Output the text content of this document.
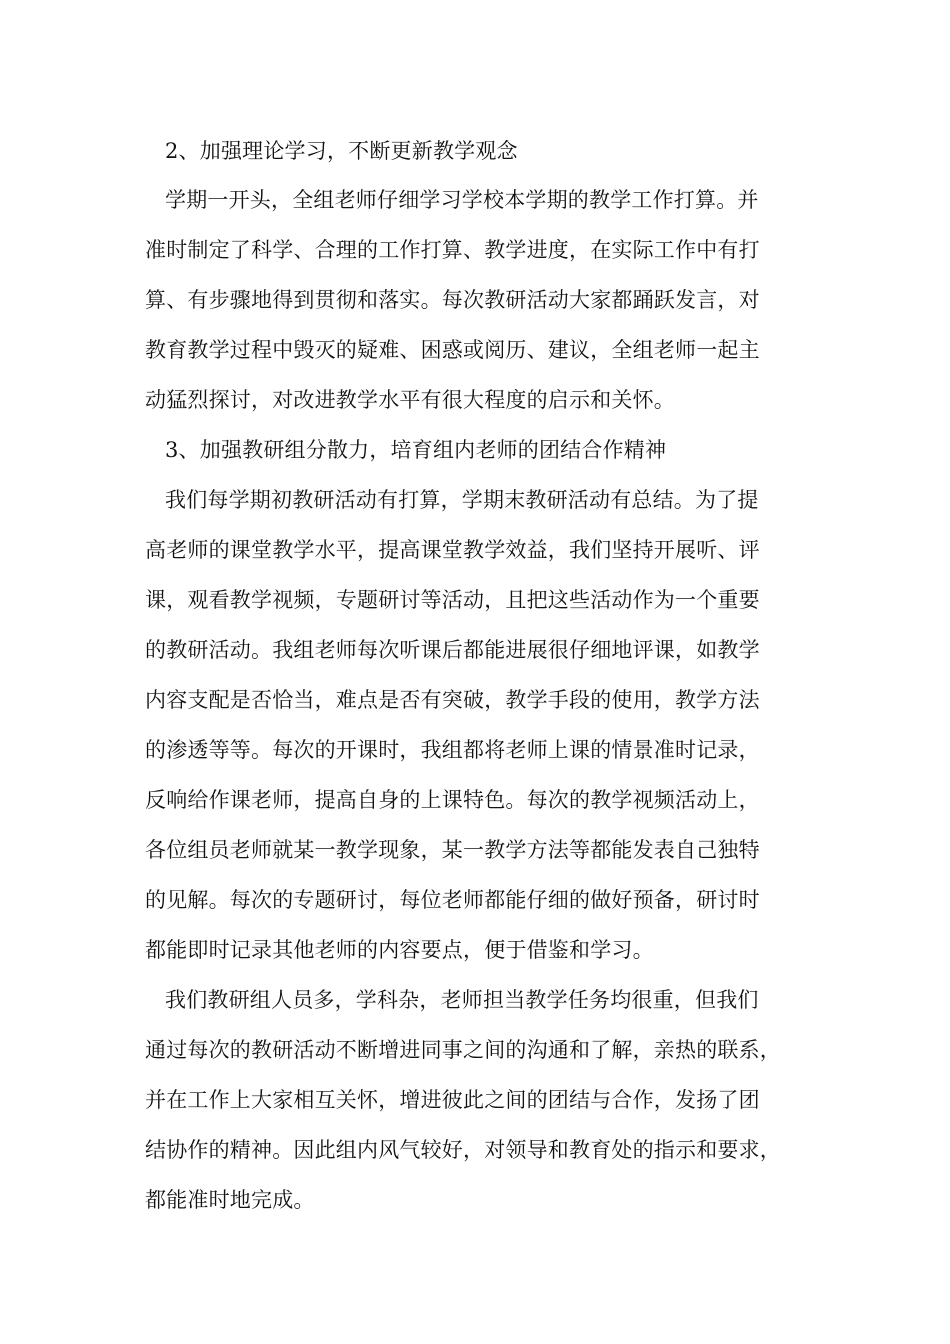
2、加强理论学习，不断更新教学观念
学期一开头，全组老师仔细学习学校本学期的教学工作打算。并
准时制定了科学、合理的工作打算、教学进度，在实际工作中有打
算、有步骤地得到贯彻和落实。每次教研活动大家都踊跃发言，对
教育教学过程中毁灭的疑难、困惑或阅历、建议，全组老师一起主
动猛烈探讨，对改进教学水平有很大程度的启示和关怀。
3、加强教研组分散力，培育组内老师的团结合作精神
我们每学期初教研活动有打算，学期末教研活动有总结。为了提
高老师的课堂教学水平，提高课堂教学效益，我们坚持开展听、评
课，观看教学视频，专题研讨等活动，且把这些活动作为一个重要
的教研活动。我组老师每次听课后都能进展很仔细地评课，如教学
内容支配是否恰当，难点是否有突破，教学手段的使用，教学方法
的渗透等等。每次的开课时，我组都将老师上课的情景准时记录，
反响给作课老师，提高自身的上课特色。每次的教学视频活动上，
各位组员老师就某一教学现象，某一教学方法等都能发表自己独特
的见解。每次的专题研讨，每位老师都能仔细的做好预备，研讨时
都能即时记录其他老师的内容要点，便于借鉴和学习。
我们教研组人员多，学科杂，老师担当教学任务均很重，但我们
通过每次的教研活动不断增进同事之间的沟通和了解，亲热的联系，
并在工作上大家相互关怀，增进彼此之间的团结与合作，发扬了团
结协作的精神。因此组内风气较好，对领导和教育处的指示和要求，
都能准时地完成。
